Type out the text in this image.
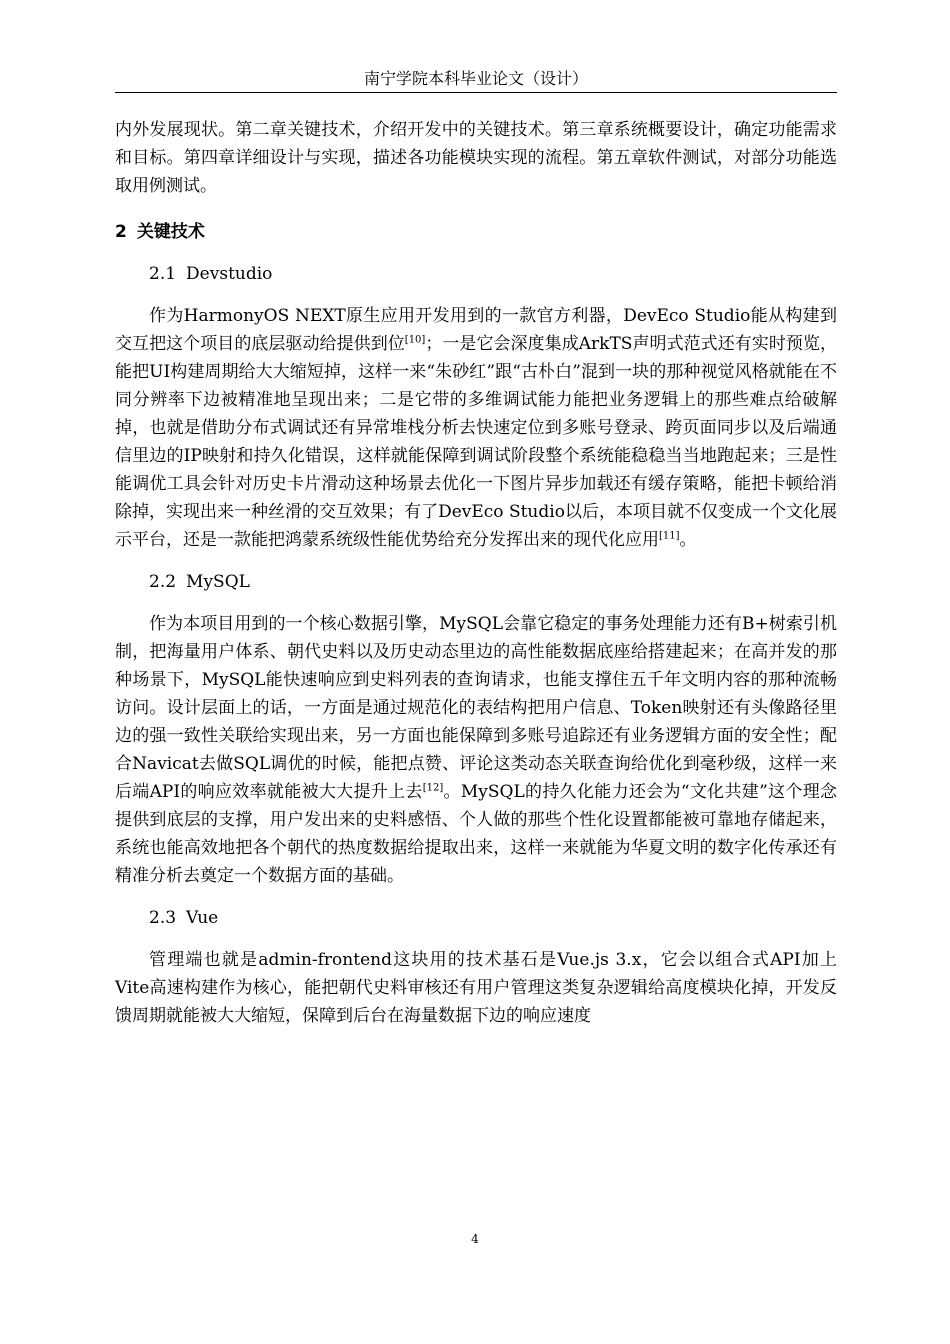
南宁学院本科毕业论文（设计）

内外发展现状。第二章关键技术，介绍开发中的关键技术。第三章系统概要设计，确定功能需求和目标。第四章详细设计与实现，描述各功能模块实现的流程。第五章软件测试，对部分功能选取用例测试。

2 关键技术
2.1 Devstudio

作为HarmonyOS NEXT原生应用开发用到的一款官方利器，DevEco Studio能从构建到交互把这个项目的底层驱动给提供到位[10]；一是它会深度集成ArkTS声明式范式还有实时预览，能把UI构建周期给大大缩短掉，这样一来“朱砂红”跟“古朴白”混到一块的那种视觉风格就能在不同分辨率下边被精准地呈现出来；二是它带的多维调试能力能把业务逻辑上的那些难点给破解掉，也就是借助分布式调试还有异常堆栈分析去快速定位到多账号登录、跨页面同步以及后端通信里边的IP映射和持久化错误，这样就能保障到调试阶段整个系统能稳稳当当地跑起来；三是性能调优工具会针对历史卡片滑动这种场景去优化一下图片异步加载还有缓存策略，能把卡顿给消除掉，实现出来一种丝滑的交互效果；有了DevEco Studio以后，本项目就不仅变成一个文化展示平台，还是一款能把鸿蒙系统级性能优势给充分发挥出来的现代化应用[11]。

2.2 MySQL

作为本项目用到的一个核心数据引擎，MySQL会靠它稳定的事务处理能力还有B+树索引机制，把海量用户体系、朝代史料以及历史动态里边的高性能数据底座给搭建起来；在高并发的那种场景下，MySQL能快速响应到史料列表的查询请求，也能支撑住五千年文明内容的那种流畅访问。设计层面上的话，一方面是通过规范化的表结构把用户信息、Token映射还有头像路径里边的强一致性关联给实现出来，另一方面也能保障到多账号追踪还有业务逻辑方面的安全性；配合Navicat去做SQL调优的时候，能把点赞、评论这类动态关联查询给优化到毫秒级，这样一来后端API的响应效率就能被大大提升上去[12]。MySQL的持久化能力还会为“文化共建”这个理念提供到底层的支撑，用户发出来的史料感悟、个人做的那些个性化设置都能被可靠地存储起来，系统也能高效地把各个朝代的热度数据给提取出来，这样一来就能为华夏文明的数字化传承还有精准分析去奠定一个数据方面的基础。

2.3 Vue

管理端也就是admin-frontend这块用的技术基石是Vue.js 3.x，它会以组合式API加上Vite高速构建作为核心，能把朝代史料审核还有用户管理这类复杂逻辑给高度模块化掉，开发反馈周期就能被大大缩短，保障到后台在海量数据下边的响应速度

4
